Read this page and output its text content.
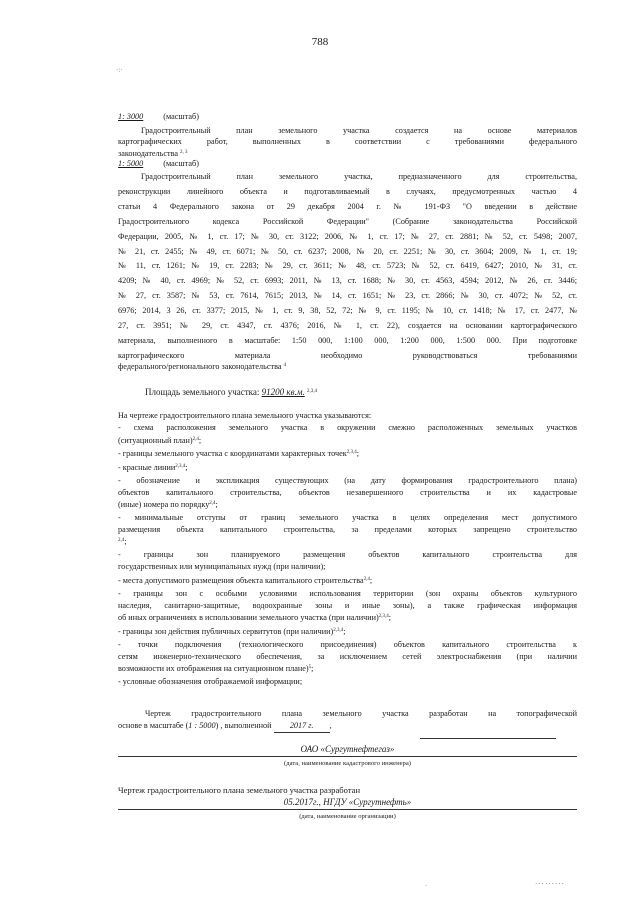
788
·:·
1: 3000 (масштаб)
Градостроительный план земельного участка создается на основе материалов
картографических работ, выполненных в соответствии с требованиями федерального
законодательства $^{2, 3}$
1: 5000 (масштаб)
Градостроительный план земельного участка, предназначенного для строительства,
реконструкции линейного объекта и подготавливаемый в случаях, предусмотренных частью 4
статьи 4 Федерального закона от 29 декабря 2004 г. № 191-ФЗ "О введении в действие
Градостроительного кодекса Российской Федерации" (Собрание законодательства Российской
Федерации, 2005, № 1, ст. 17; № 30, ст. 3122; 2006, № 1, ст. 17; № 27, ст. 2881; № 52, ст. 5498; 2007,
№ 21, ст. 2455; № 49, ст. 6071; № 50, ст. 6237; 2008, № 20, ст. 2251; № 30, ст. 3604; 2009, № 1, ст. 19;
№ 11, ст. 1261; № 19, ст. 2283; № 29, ст. 3611; № 48, ст. 5723; № 52, ст. 6419, 6427; 2010, № 31, ст.
4209; № 40, ст. 4969; № 52, ст. 6993; 2011, № 13, ст. 1688; № 30, ст. 4563, 4594; 2012, № 26, ст. 3446;
№ 27, ст. 3587; № 53, ст. 7614, 7615; 2013, № 14, ст. 1651; № 23, ст. 2866; № 30, ст. 4072; № 52, ст.
6976; 2014, 3 26, ст. 3377; 2015, № 1, ст. 9, 38, 52, 72; № 9, ст. 1195; № 10, ст. 1418; № 17, ст. 2477, №
27, ст. 3951; № 29, ст. 4347, ст. 4376; 2016, № 1, ст. 22), создается на основании картографического
материала, выполненного в масштабе: 1:50 000, 1:100 000, 1:200 000, 1:500 000. При подготовке
картографического материала необходимо руководствоваться требованиями
федерального/регионального законодательства $^4$
Площадь земельного участка: 91200 кв.м. $^{2,3,4}$
На чертеже градостроительного плана земельного участка указываются:
- схема расположения земельного участка в окружении смежно расположенных земельных участков
(ситуационный план)$^{2,4}$;
- границы земельного участка с координатами характерных точек$^{2,3,4}$;
- красные линии$^{2,3,4}$;
- обозначение и экспликация существующих (на дату формирования градостроительного плана)
объектов капитального строительства, объектов незавершенного строительства и их кадастровые
(иные) номера по порядку$^{2,4}$;
- минимальные отступы от границ земельного участка в целях определения мест допустимого
размещения объекта капитального строительства, за пределами которых запрещено строительство
$^{2,4}$;
- границы зон планируемого размещения объектов капитального строительства для
государственных или муниципальных нужд (при наличии);
- места допустимого размещения объекта капитального строительства$^{2,4}$;
- границы зон с особыми условиями использования территории (зон охраны объектов культурного
наследия, санитарно-защитные, водоохранные зоны и иные зоны), а также графическая информация
об иных ограничениях в использовании земельного участка (при наличии)$^{2,3,4}$;
- границы зон действия публичных сервитутов (при наличии)$^{2,3,4}$;
- точки подключения (технологического присоединения) объектов капитального строительства к
сетям инженерно-технического обеспечения, за исключением сетей электроснабжения (при наличии
возможности их отображения на ситуационном плане)$^5$;
- условные обозначения отображаемой информации;
Чертеж градостроительного плана земельного участка разработан на топографической
основе в масштабе (1 : 5000) , выполненной 2017 г. ,
ОАО «Сургутнефтегаз»
(дата, наименование кадастрового инженера)
Чертеж градостроительного плана земельного участка разработан
05.2017г., НГДУ «Сургутнефть»
(дата, наименование организации)
·	·········
